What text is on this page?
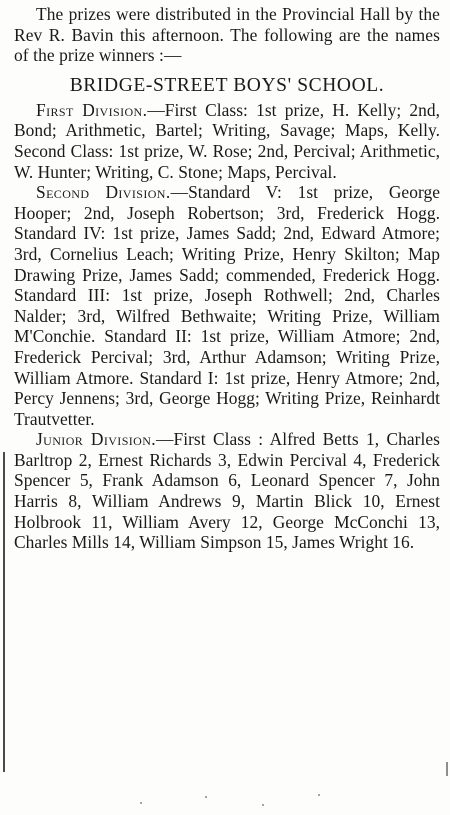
The prizes were distributed in the Provincial Hall by the Rev R. Bavin this afternoon. The following are the names of the prize winners :—

BRIDGE-STREET BOYS' SCHOOL.

First Division.—First Class: 1st prize, H. Kelly; 2nd, Bond; Arithmetic, Bartel; Writing, Savage; Maps, Kelly. Second Class: 1st prize, W. Rose; 2nd, Percival; Arithmetic, W. Hunter; Writing, C. Stone; Maps, Percival.

Second Division.—Standard V: 1st prize, George Hooper; 2nd, Joseph Robertson; 3rd, Frederick Hogg. Standard IV: 1st prize, James Sadd; 2nd, Edward Atmore; 3rd, Cornelius Leach; Writing Prize, Henry Skilton; Map Drawing Prize, James Sadd; commended, Frederick Hogg. Standard III: 1st prize, Joseph Rothwell; 2nd, Charles Nalder; 3rd, Wilfred Bethwaite; Writing Prize, William M'Conchie. Standard II: 1st prize, William Atmore; 2nd, Frederick Percival; 3rd, Arthur Adamson; Writing Prize, William Atmore. Standard I: 1st prize, Henry Atmore; 2nd, Percy Jennens; 3rd, George Hogg; Writing Prize, Reinhardt Trautvetter.

Junior Division.—First Class : Alfred Betts 1, Charles Barltrop 2, Ernest Richards 3, Edwin Percival 4, Frederick Spencer 5, Frank Adamson 6, Leonard Spencer 7, John Harris 8, William Andrews 9, Martin Blick 10, Ernest Holbrook 11, William Avery 12, George McConchi 13, Charles Mills 14, William Simpson 15, James Wright 16.
